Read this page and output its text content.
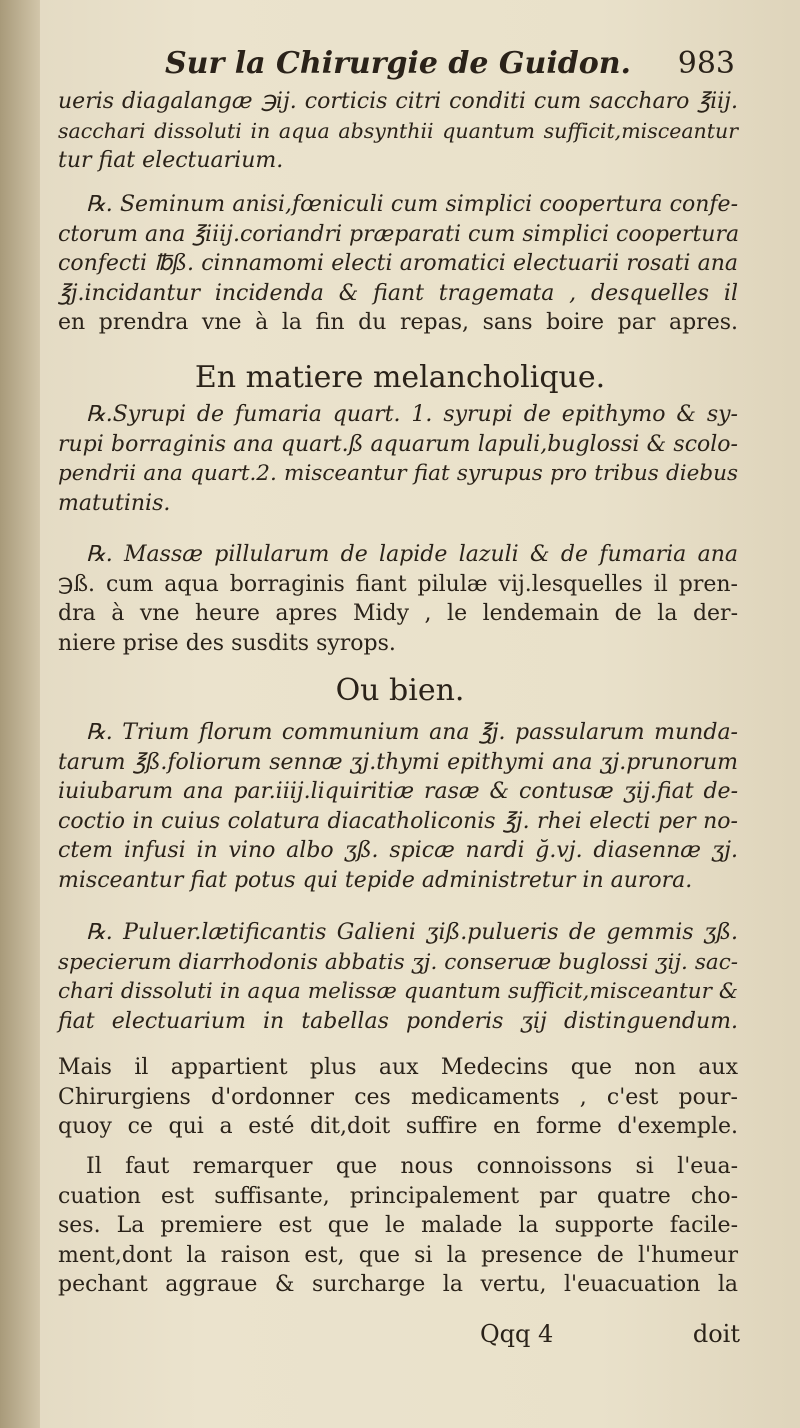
Sur la Chirurgie de Guidon. 983
ueris diagalangæ ℈ij. corticis citri conditi cum saccharo ℥iij.
sacchari dissoluti in aqua absynthii quantum sufficit,misceantur
tur fiat electuarium.
℞. Seminum anisi,fœniculi cum simplici coopertura confe-
ctorum ana ℥iiij.coriandri præparati cum simplici coopertura
confecti ℔ß. cinnamomi electi aromatici electuarii rosati ana
℥j.incidantur incidenda & fiant tragemata , desquelles il
en prendra vne à la fin du repas, sans boire par apres.
En matiere melancholique.
℞.Syrupi de fumaria quart. 1. syrupi de epithymo & sy-
rupi borraginis ana quart.ß aquarum lapuli,buglossi & scolo-
pendrii ana quart.2. misceantur fiat syrupus pro tribus diebus
matutinis.
℞. Massæ pillularum de lapide lazuli & de fumaria ana
℈ß. cum aqua borraginis fiant pilulæ vij.lesquelles il pren-
dra à vne heure apres Midy , le lendemain de la der-
niere prise des susdits syrops.
Ou bien.
℞. Trium florum communium ana ℥j. passularum munda-
tarum ℥ß.foliorum sennæ ʒj.thymi epithymi ana ʒj.prunorum
iuiubarum ana par.iiij.liquiritiæ rasæ & contusæ ʒij.fiat de-
coctio in cuius colatura diacatholiconis ℥j. rhei electi per no-
ctem infusi in vino albo ʒß. spicæ nardi ğ.vj. diasennæ ʒj.
misceantur fiat potus qui tepide administretur in aurora.
℞. Puluer.lætificantis Galieni ʒiß.pulueris de gemmis ʒß.
specierum diarrhodonis abbatis ʒj. conseruæ buglossi ʒij. sac-
chari dissoluti in aqua melissæ quantum sufficit,misceantur &
fiat electuarium in tabellas ponderis ʒij distinguendum.
Mais il appartient plus aux Medecins que non aux
Chirurgiens d'ordonner ces medicaments , c'est pour-
quoy ce qui a esté dit,doit suffire en forme d'exemple.
Il faut remarquer que nous connoissons si l'eua-
cuation est suffisante, principalement par quatre cho-
ses. La premiere est que le malade la supporte facile-
ment,dont la raison est, que si la presence de l'humeur
pechant aggraue & surcharge la vertu, l'euacuation la
Qqq 4	doit
